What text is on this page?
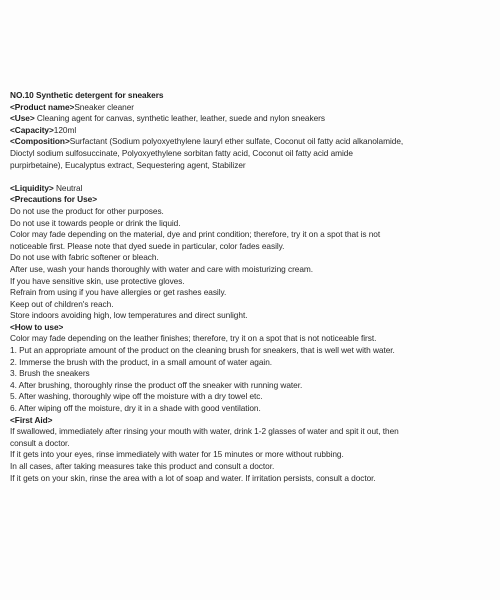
NO.10 Synthetic detergent for sneakers

<Product name>Sneaker cleaner

<Use> Cleaning agent for canvas, synthetic leather, leather, suede and nylon sneakers

<Capacity>120ml

<Composition>Surfactant (Sodium polyoxyethylene lauryl ether sulfate, Coconut oil fatty acid alkanolamide,

Dioctyl sodium sulfosuccinate, Polyoxyethylene sorbitan fatty acid, Coconut oil fatty acid amide

purpirbetaine), Eucalyptus extract, Sequestering agent, Stabilizer

<Liquidity> Neutral

<Precautions for Use>

Do not use the product for other purposes.

Do not use it towards people or drink the liquid.

Color may fade depending on the material, dye and print condition; therefore, try it on a spot that is not

noticeable first. Please note that dyed suede in particular, color fades easily.

Do not use with fabric softener or bleach.

After use, wash your hands thoroughly with water and care with moisturizing cream.

If you have sensitive skin, use protective gloves.

Refrain from using if you have allergies or get rashes easily.

Keep out of children's reach.

Store indoors avoiding high, low temperatures and direct sunlight.

<How to use>

Color may fade depending on the leather finishes; therefore, try it on a spot that is not noticeable first.

1. Put an appropriate amount of the product on the cleaning brush for sneakers, that is well wet with water.

2. Immerse the brush with the product, in a small amount of water again.

3. Brush the sneakers

4. After brushing, thoroughly rinse the product off the sneaker with running water.

5. After washing, thoroughly wipe off the moisture with a dry towel etc.

6. After wiping off the moisture, dry it in a shade with good ventilation.

<First Aid>

If swallowed, immediately after rinsing your mouth with water, drink 1-2 glasses of water and spit it out, then

consult a doctor.

If it gets into your eyes, rinse immediately with water for 15 minutes or more without rubbing.

In all cases, after taking measures take this product and consult a doctor.

If it gets on your skin, rinse the area with a lot of soap and water. If irritation persists, consult a doctor.
